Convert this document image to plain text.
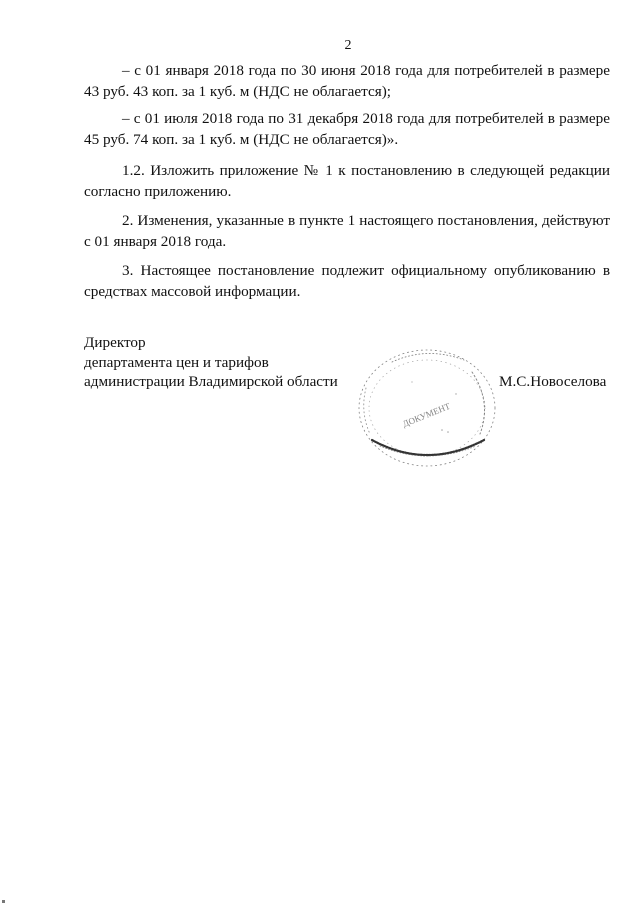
2

– с 01 января 2018 года по 30 июня 2018 года для потребителей в размере 43 руб. 43 коп. за 1 куб. м (НДС не облагается);

– с 01 июля 2018 года по 31 декабря 2018 года для потребителей в размере 45 руб. 74 коп. за 1 куб. м (НДС не облагается)».

1.2. Изложить приложение № 1 к постановлению в следующей редакции согласно приложению.

2. Изменения, указанные в пункте 1 настоящего постановления, действуют с 01 января 2018 года.

3. Настоящее постановление подлежит официальному опубликованию в средствах массовой информации.

Директор
департамента цен и тарифов
администрации Владимирской области
ДОКУМЕНТ
М.С.Новоселова
